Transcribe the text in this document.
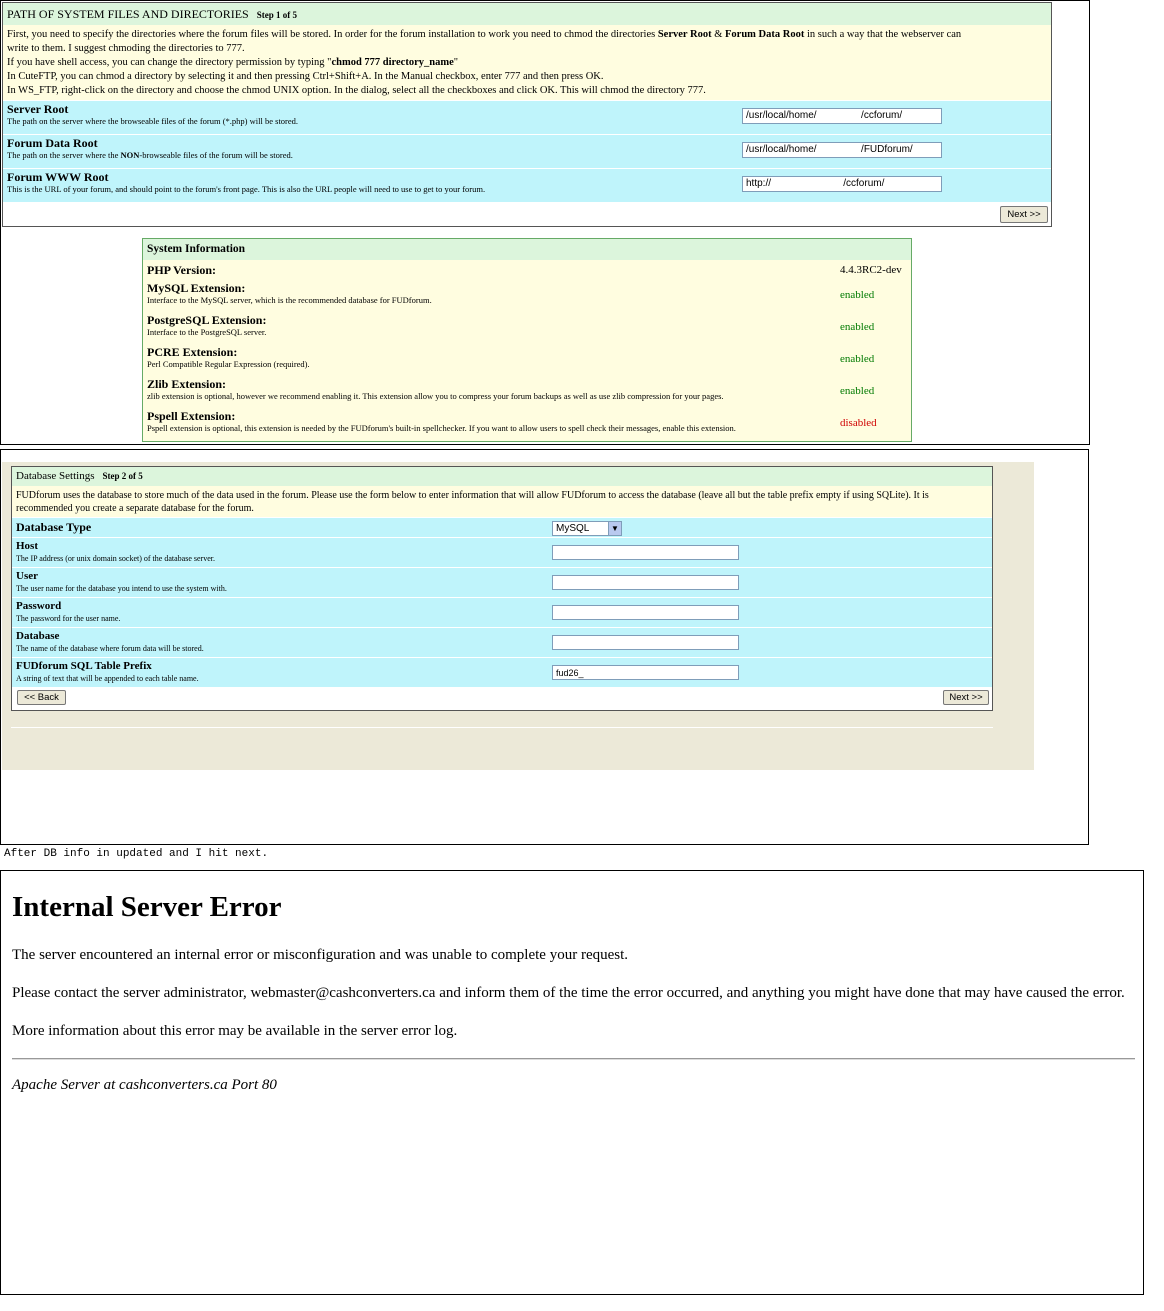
PATH OF SYSTEM FILES AND DIRECTORIES Step 1 of 5
First, you need to specify the directories where the forum files will be stored. In order for the forum installation to work you need to chmod the directories Server Root & Forum Data Root in such a way that the webserver can
write to them. I suggest chmoding the directories to 777.
If you have shell access, you can change the directory permission by typing "chmod 777 directory_name"
In CuteFTP, you can chmod a directory by selecting it and then pressing Ctrl+Shift+A. In the Manual checkbox, enter 777 and then press OK.
In WS_FTP, right-click on the directory and choose the chmod UNIX option. In the dialog, select all the checkboxes and click OK. This will chmod the directory 777.
Server Root
The path on the server where the browseable files of the forum (*.php) will be stored.	/usr/local/home/                /ccforum/
Forum Data Root
The path on the server where the NON-browseable files of the forum will be stored.	/usr/local/home/                /FUDforum/
Forum WWW Root
This is the URL of your forum, and should point to the forum's front page. This is also the URL people will need to use to get to your forum.	http://                          /ccforum/
Next >>
System Information
PHP Version:	4.4.3RC2-dev
MySQL Extension:
Interface to the MySQL server, which is the recommended database for FUDforum.	enabled
PostgreSQL Extension:
Interface to the PostgreSQL server.	enabled
PCRE Extension:
Perl Compatible Regular Expression (required).	enabled
Zlib Extension:
zlib extension is optional, however we recommend enabling it. This extension allow you to compress your forum backups as well as use zlib compression for your pages.	enabled
Pspell Extension:
Pspell extension is optional, this extension is needed by the FUDforum's built-in spellchecker. If you want to allow users to spell check their messages, enable this extension.	disabled
Database Settings Step 2 of 5
FUDforum uses the database to store much of the data used in the forum. Please use the form below to enter information that will allow FUDforum to access the database (leave all but the table prefix empty if using SQLite). It is
recommended you create a separate database for the forum.
Database Type	MySQL	▼
Host
The IP address (or unix domain socket) of the database server.
User
The user name for the database you intend to use the system with.
Password
The password for the user name.
Database
The name of the database where forum data will be stored.
FUDforum SQL Table Prefix
A string of text that will be appended to each table name.
fud26_
<< Back	Next >>
After DB info in updated and I hit next.
Internal Server Error

The server encountered an internal error or misconfiguration and was unable to complete your request.

Please contact the server administrator, webmaster@cashconverters.ca and inform them of the time the error occurred, and anything you might have done that may have caused the error.

More information about this error may be available in the server error log.

Apache Server at cashconverters.ca Port 80
